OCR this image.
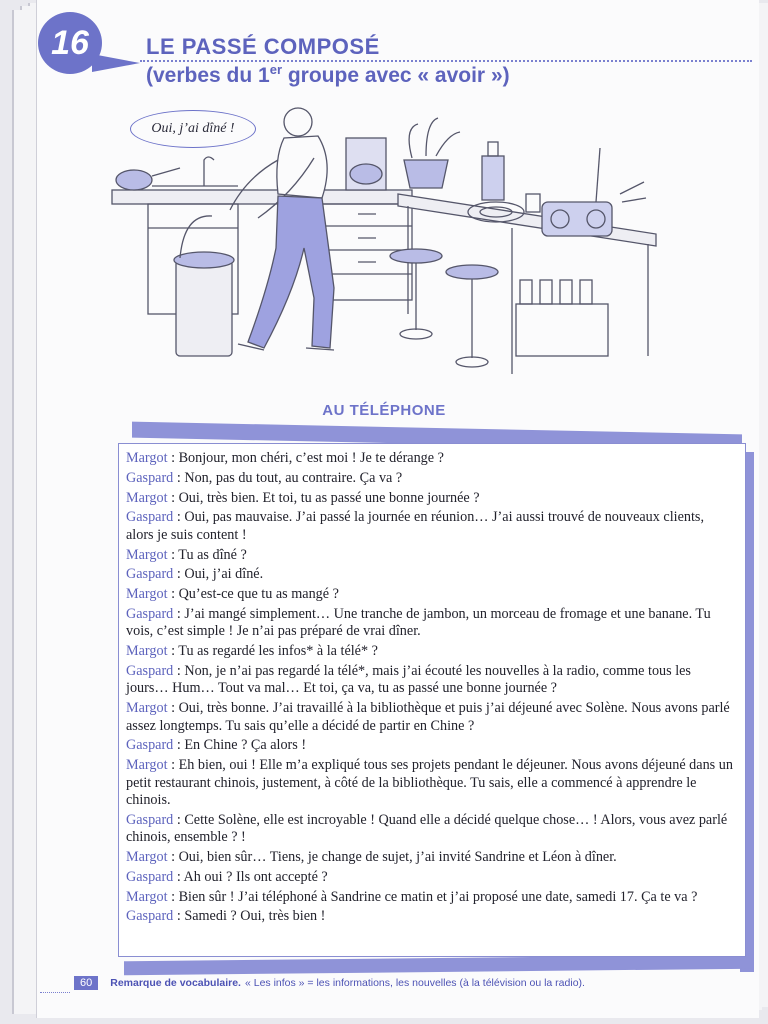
16	LE PASSÉ COMPOSÉ
(verbes du 1er groupe avec « avoir »)
Oui, j’ai dîné !
AU TÉLÉPHONE
Margot : Bonjour, mon chéri, c’est moi ! Je te dérange ?
Gaspard : Non, pas du tout, au contraire. Ça va ?
Margot : Oui, très bien. Et toi, tu as passé une bonne journée ?
Gaspard : Oui, pas mauvaise. J’ai passé la journée en réunion… J’ai aussi trouvé de nouveaux clients, alors je suis content !
Margot : Tu as dîné ?
Gaspard : Oui, j’ai dîné.
Margot : Qu’est-ce que tu as mangé ?
Gaspard : J’ai mangé simplement… Une tranche de jambon, un morceau de fromage et une banane. Tu vois, c’est simple ! Je n’ai pas préparé de vrai dîner.
Margot : Tu as regardé les infos* à la télé* ?
Gaspard : Non, je n’ai pas regardé la télé*, mais j’ai écouté les nouvelles à la radio, comme tous les jours… Hum… Tout va mal… Et toi, ça va, tu as passé une bonne journée ?
Margot : Oui, très bonne. J’ai travaillé à la bibliothèque et puis j’ai déjeuné avec Solène. Nous avons parlé assez longtemps. Tu sais qu’elle a décidé de partir en Chine ?
Gaspard : En Chine ? Ça alors !
Margot : Eh bien, oui ! Elle m’a expliqué tous ses projets pendant le déjeuner. Nous avons déjeuné dans un petit restaurant chinois, justement, à côté de la bibliothèque. Tu sais, elle a commencé à apprendre le chinois.
Gaspard : Cette Solène, elle est incroyable ! Quand elle a décidé quelque chose… ! Alors, vous avez parlé chinois, ensemble ? !
Margot : Oui, bien sûr… Tiens, je change de sujet, j’ai invité Sandrine et Léon à dîner.
Gaspard : Ah oui ? Ils ont accepté ?
Margot : Bien sûr ! J’ai téléphoné à Sandrine ce matin et j’ai proposé une date, samedi 17. Ça te va ?
Gaspard : Samedi ? Oui, très bien !
60	Remarque de vocabulaire. « Les infos » = les informations, les nouvelles (à la télévision ou la radio).
